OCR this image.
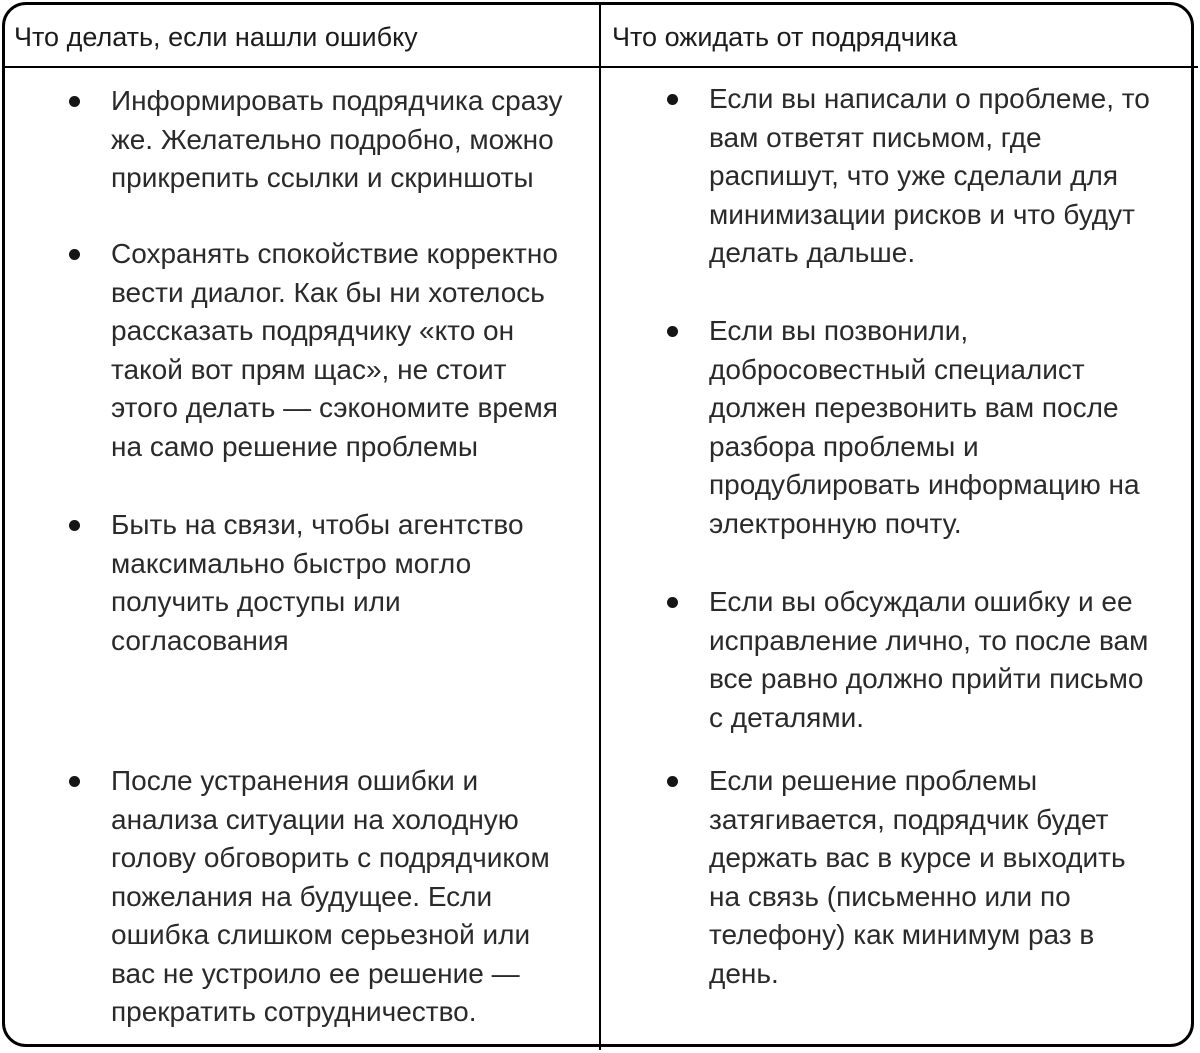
Что делать, если нашли ошибку	Что ожидать от подрядчика
Информировать подрядчика сразу
же. Желательно подробно, можно
прикрепить ссылки и скриншоты
Сохранять спокойствие корректно
вести диалог. Как бы ни хотелось
рассказать подрядчику «кто он
такой вот прям щас», не стоит
этого делать — сэкономите время
на само решение проблемы
Быть на связи, чтобы агентство
максимально быстро могло
получить доступы или
согласования
После устранения ошибки и
анализа ситуации на холодную
голову обговорить с подрядчиком
пожелания на будущее. Если
ошибка слишком серьезной или
вас не устроило ее решение —
прекратить сотрудничество.
Если вы написали о проблеме, то
вам ответят письмом, где
распишут, что уже сделали для
минимизации рисков и что будут
делать дальше.
Если вы позвонили,
добросовестный специалист
должен перезвонить вам после
разбора проблемы и
продублировать информацию на
электронную почту.
Если вы обсуждали ошибку и ее
исправление лично, то после вам
все равно должно прийти письмо
с деталями.
Если решение проблемы
затягивается, подрядчик будет
держать вас в курсе и выходить
на связь (письменно или по
телефону) как минимум раз в
день.
